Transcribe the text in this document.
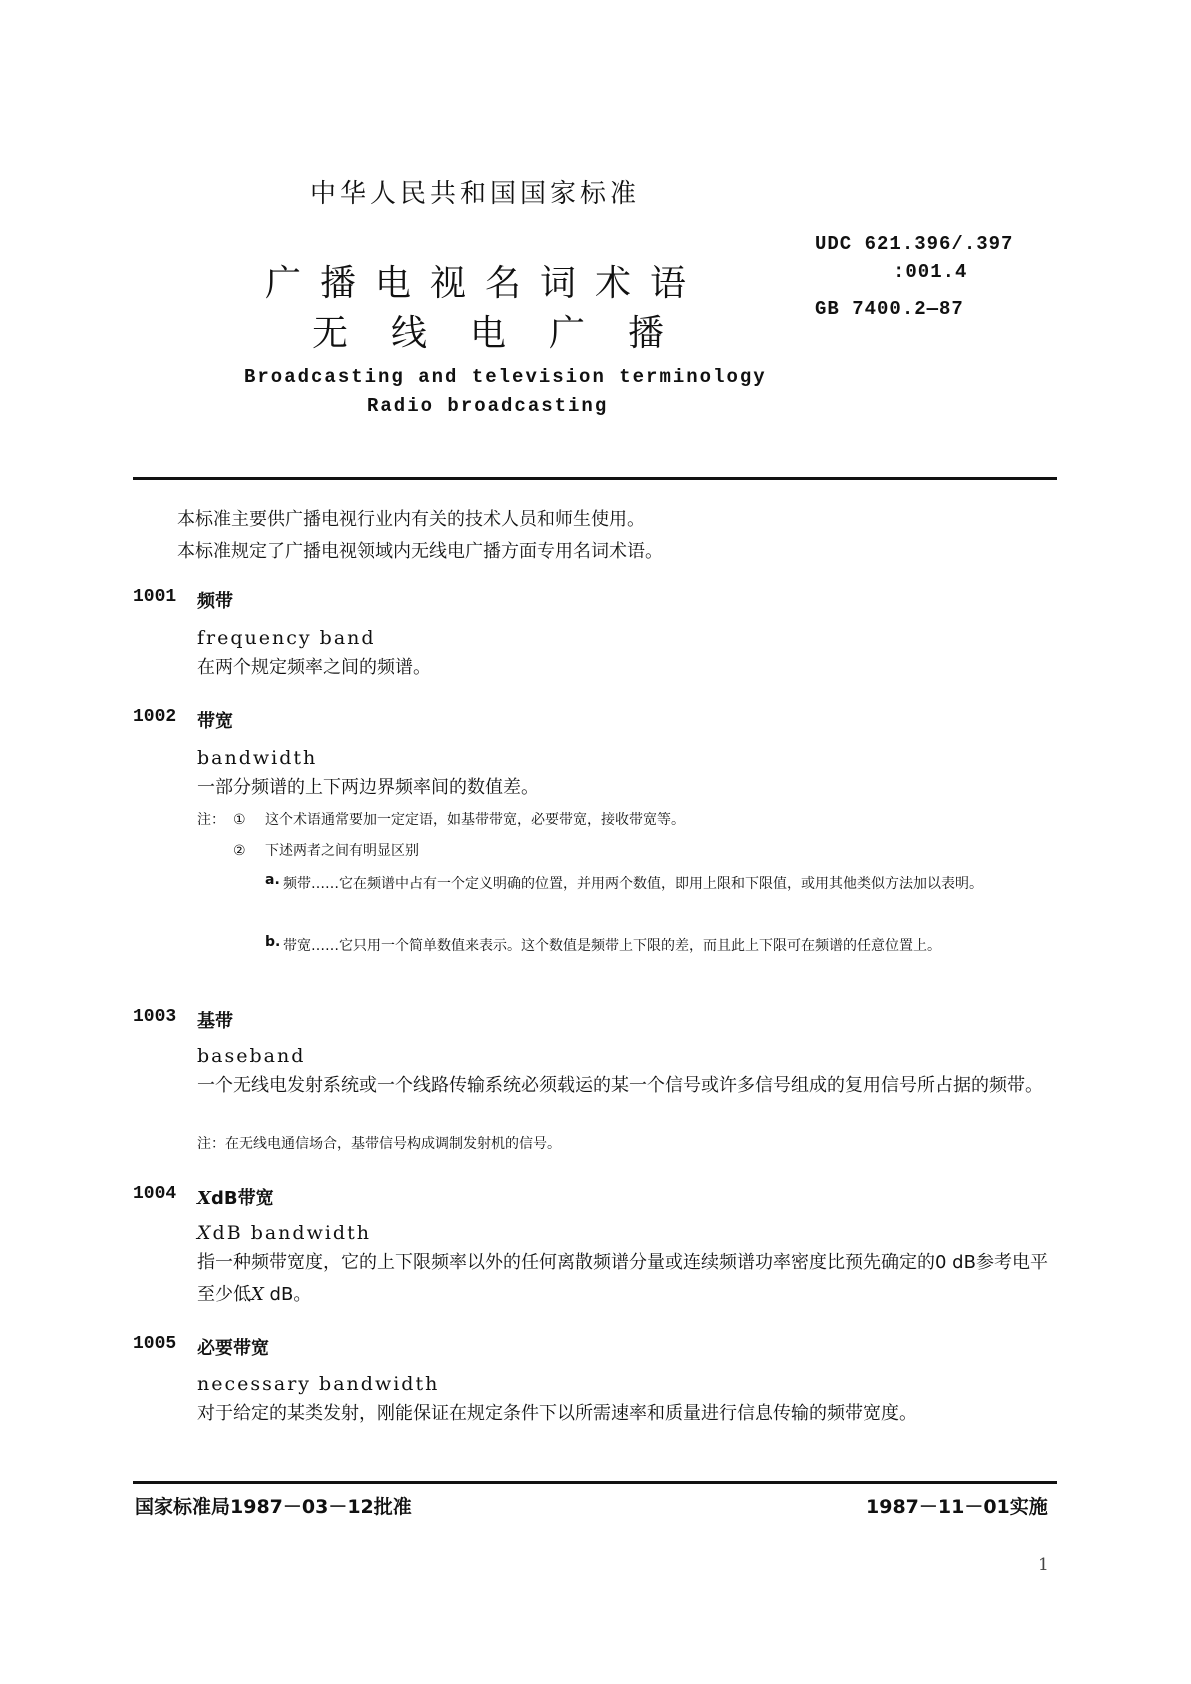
中华人民共和国国家标准
广播电视名词术语
无线电广播
Broadcasting and television terminology
Radio broadcasting
UDC 621.396/.397
:001.4
GB 7400.2—87
本标准主要供广播电视行业内有关的技术人员和师生使用。
本标准规定了广播电视领域内无线电广播方面专用名词术语。
1001 频带
frequency band
在两个规定频率之间的频谱。
1002 带宽
bandwidth
一部分频谱的上下两边界频率间的数值差。
注： ① 这个术语通常要加一定定语，如基带带宽，必要带宽，接收带宽等。
② 下述两者之间有明显区别
a. 频带……它在频谱中占有一个定义明确的位置，并用两个数值，即用上限和下限值，或用其他类似方法加以表明。
b. 带宽……它只用一个简单数值来表示。这个数值是频带上下限的差，而且此上下限可在频谱的任意位置上。
1003 基带
baseband
一个无线电发射系统或一个线路传输系统必须载运的某一个信号或许多信号组成的复用信号所占据的频带。
注：在无线电通信场合，基带信号构成调制发射机的信号。
1004 XdB带宽
XdB bandwidth
指一种频带宽度，它的上下限频率以外的任何离散频谱分量或连续频谱功率密度比预先确定的0 dB参考电平至少低X dB。
1005 必要带宽
necessary bandwidth
对于给定的某类发射，刚能保证在规定条件下以所需速率和质量进行信息传输的频带宽度。
国家标准局1987－03－12批准	1987－11－01实施
1
